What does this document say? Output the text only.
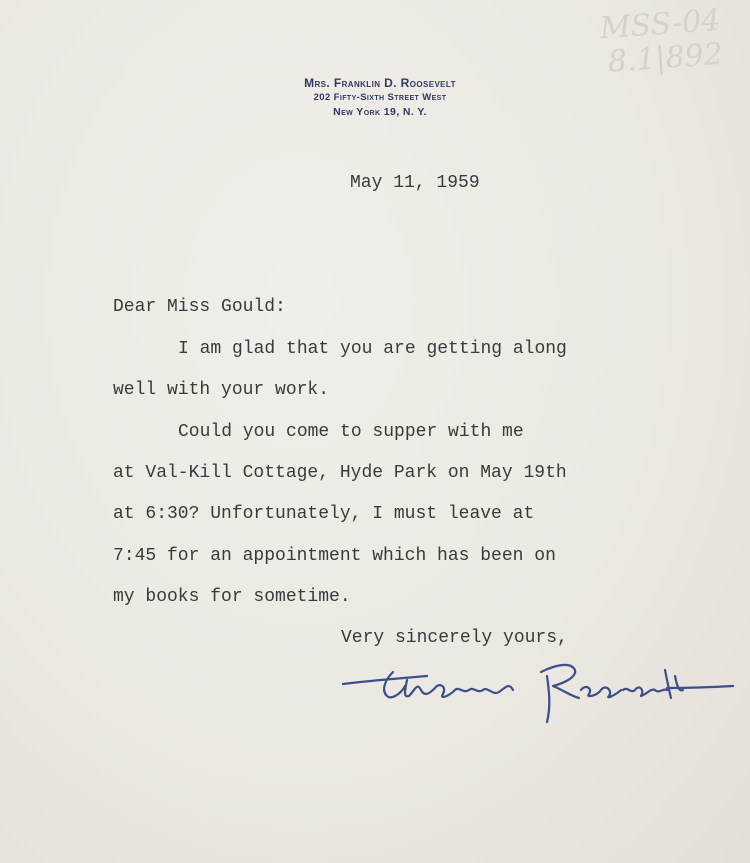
MSS-04
8.1|892
Mrs. Franklin D. Roosevelt
202 Fifty-Sixth Street West
New York 19, N. Y.
May 11, 1959
Dear Miss Gould:
I am glad that you are getting along
well with your work.
Could you come to supper with me
at Val-Kill Cottage, Hyde Park on May 19th
at 6:30? Unfortunately, I must leave at
7:45 for an appointment which has been on
my books for sometime.
Very sincerely yours,
